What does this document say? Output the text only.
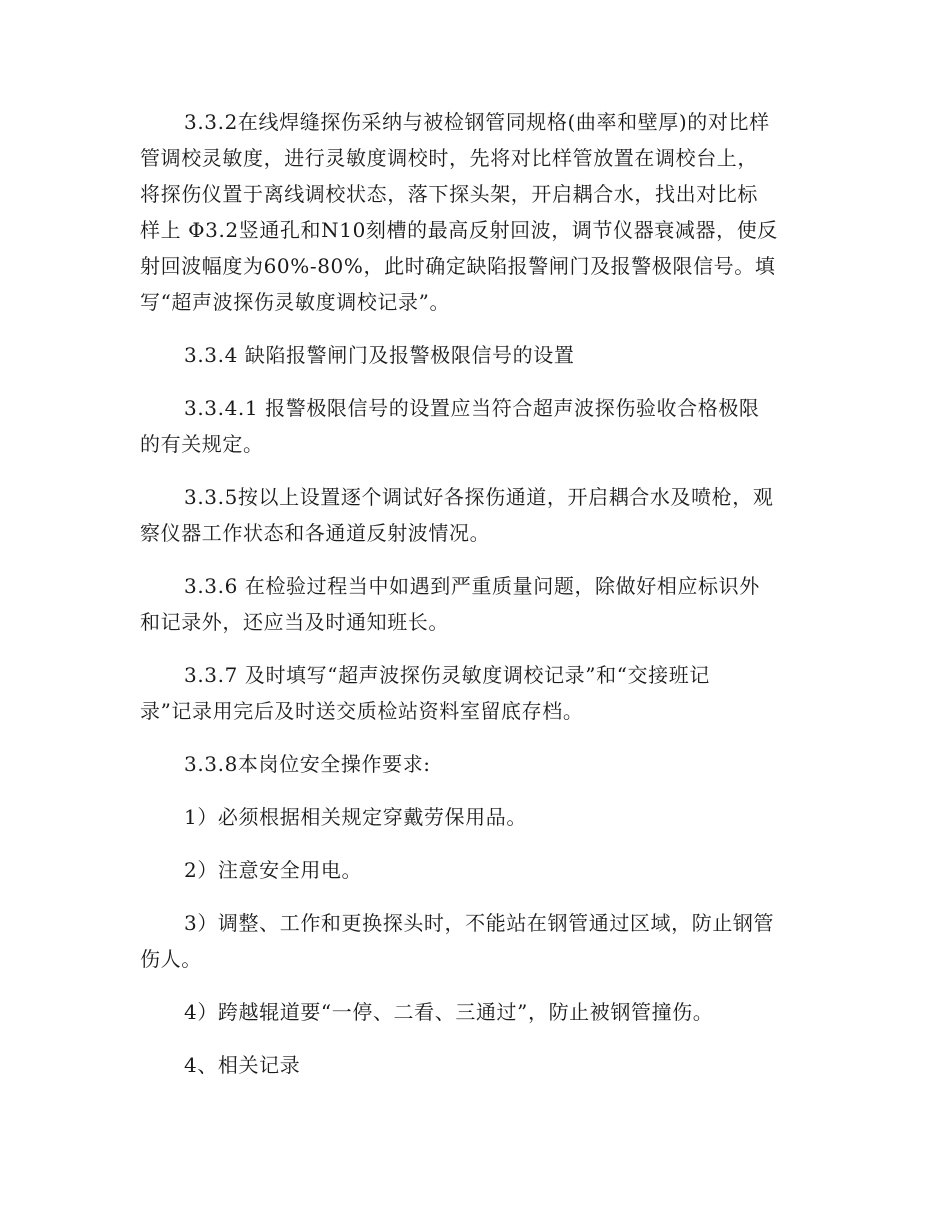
3.3.2在线焊缝探伤采纳与被检钢管同规格(曲率和壁厚)的对比样
管调校灵敏度，进行灵敏度调校时，先将对比样管放置在调校台上，
将探伤仪置于离线调校状态，落下探头架，开启耦合水，找出对比标
样上 Φ3.2竖通孔和N10刻槽的最高反射回波，调节仪器衰减器，使反
射回波幅度为60%-80%，此时确定缺陷报警闸门及报警极限信号。填
写“超声波探伤灵敏度调校记录”。
3.3.4 缺陷报警闸门及报警极限信号的设置
3.3.4.1 报警极限信号的设置应当符合超声波探伤验收合格极限
的有关规定。
3.3.5按以上设置逐个调试好各探伤通道，开启耦合水及喷枪，观
察仪器工作状态和各通道反射波情况。
3.3.6 在检验过程当中如遇到严重质量问题，除做好相应标识外
和记录外，还应当及时通知班长。
3.3.7 及时填写“超声波探伤灵敏度调校记录”和“交接班记
录”记录用完后及时送交质检站资料室留底存档。
3.3.8本岗位安全操作要求:
1）必须根据相关规定穿戴劳保用品。
2）注意安全用电。
3）调整、工作和更换探头时，不能站在钢管通过区域，防止钢管
伤人。
4）跨越辊道要“一停、二看、三通过”，防止被钢管撞伤。
4、相关记录
